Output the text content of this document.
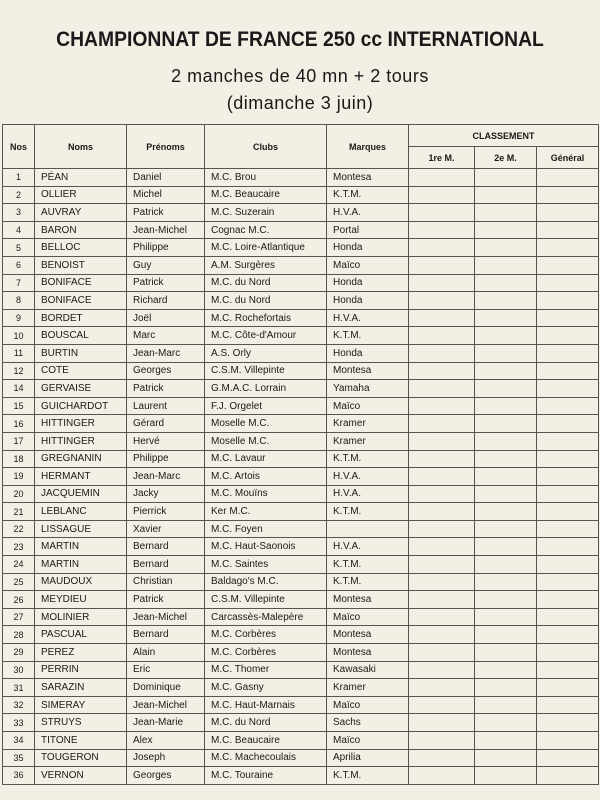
CHAMPIONNAT DE FRANCE 250 cc INTERNATIONAL
2 manches de 40 mn + 2 tours
(dimanche 3 juin)
Nos	Noms	Prénoms	Clubs	Marques	CLASSEMENT		
					1re M.	2e M.	Général
1	PÉAN	Daniel	M.C. Brou	Montesa			
2	OLLIER	Michel	M.C. Beaucaire	K.T.M.			
3	AUVRAY	Patrick	M.C. Suzerain	H.V.A.			
4	BARON	Jean-Michel	Cognac M.C.	Portal			
5	BELLOC	Philippe	M.C. Loire-Atlantique	Honda			
6	BENOIST	Guy	A.M. Surgères	Maïco			
7	BONIFACE	Patrick	M.C. du Nord	Honda			
8	BONIFACE	Richard	M.C. du Nord	Honda			
9	BORDET	Joël	M.C. Rochefortais	H.V.A.			
10	BOUSCAL	Marc	M.C. Côte-d'Amour	K.T.M.			
11	BURTIN	Jean-Marc	A.S. Orly	Honda			
12	COTE	Georges	C.S.M. Villepinte	Montesa			
14	GERVAISE	Patrick	G.M.A.C. Lorrain	Yamaha			
15	GUICHARDOT	Laurent	F.J. Orgelet	Maïco			
16	HITTINGER	Gérard	Moselle M.C.	Kramer			
17	HITTINGER	Hervé	Moselle M.C.	Kramer			
18	GREGNANIN	Philippe	M.C. Lavaur	K.T.M.			
19	HERMANT	Jean-Marc	M.C. Artois	H.V.A.			
20	JACQUEMIN	Jacky	M.C. Mouïns	H.V.A.			
21	LEBLANC	Pierrick	Ker M.C.	K.T.M.			
22	LISSAGUE	Xavier	M.C. Foyen				
23	MARTIN	Bernard	M.C. Haut-Saonois	H.V.A.			
24	MARTIN	Bernard	M.C. Saintes	K.T.M.			
25	MAUDOUX	Christian	Baldago's M.C.	K.T.M.			
26	MEYDIEU	Patrick	C.S.M. Villepinte	Montesa			
27	MOLINIER	Jean-Michel	Carcassès-Malepère	Maïco			
28	PASCUAL	Bernard	M.C. Corbères	Montesa			
29	PEREZ	Alain	M.C. Corbères	Montesa			
30	PERRIN	Eric	M.C. Thomer	Kawasaki			
31	SARAZIN	Dominique	M.C. Gasny	Kramer			
32	SIMERAY	Jean-Michel	M.C. Haut-Marnais	Maïco			
33	STRUYS	Jean-Marie	M.C. du Nord	Sachs			
34	TITONE	Alex	M.C. Beaucaire	Maïco			
35	TOUGERON	Joseph	M.C. Machecoulais	Aprilia			
36	VERNON	Georges	M.C. Touraine	K.T.M.			
